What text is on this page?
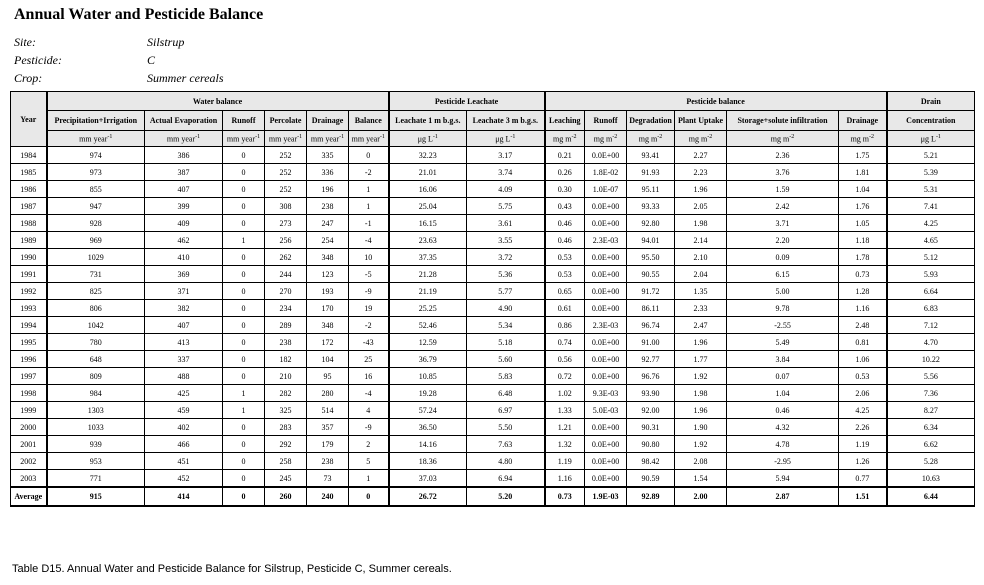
Annual Water and Pesticide Balance
Site:	Silstrup
Pesticide:	C
Crop:	Summer cereals
Year	Water balance						Pesticide Leachate		Pesticide balance						Drain
	Precipitation+Irrigation	Actual Evaporation	Runoff	Percolate	Drainage	Balance	Leachate 1 m b.g.s.	Leachate 3 m b.g.s.	Leaching	Runoff	Degradation	Plant Uptake	Storage+solute infiltration	Drainage	Concentration
	mm year$^{-1}$	mm year$^{-1}$	mm year$^{-1}$	mm year$^{-1}$	mm year$^{-1}$	mm year$^{-1}$	μg $L^{-1}$	μg $L^{-1}$	mg $m^{-2}$	mg $m^{-2}$	mg $m^{-2}$	mg $m^{-2}$	mg $m^{-2}$	mg $m^{-2}$	μg $L^{-1}$
1984	974	386	0	252	335	0	32.23	3.17	0.21	0.0E+00	93.41	2.27	2.36	1.75	5.21
1985	973	387	0	252	336	-2	21.01	3.74	0.26	1.8E-02	91.93	2.23	3.76	1.81	5.39
1986	855	407	0	252	196	1	16.06	4.09	0.30	1.0E-07	95.11	1.96	1.59	1.04	5.31
1987	947	399	0	308	238	1	25.04	5.75	0.43	0.0E+00	93.33	2.05	2.42	1.76	7.41
1988	928	409	0	273	247	-1	16.15	3.61	0.46	0.0E+00	92.80	1.98	3.71	1.05	4.25
1989	969	462	1	256	254	-4	23.63	3.55	0.46	2.3E-03	94.01	2.14	2.20	1.18	4.65
1990	1029	410	0	262	348	10	37.35	3.72	0.53	0.0E+00	95.50	2.10	0.09	1.78	5.12
1991	731	369	0	244	123	-5	21.28	5.36	0.53	0.0E+00	90.55	2.04	6.15	0.73	5.93
1992	825	371	0	270	193	-9	21.19	5.77	0.65	0.0E+00	91.72	1.35	5.00	1.28	6.64
1993	806	382	0	234	170	19	25.25	4.90	0.61	0.0E+00	86.11	2.33	9.78	1.16	6.83
1994	1042	407	0	289	348	-2	52.46	5.34	0.86	2.3E-03	96.74	2.47	-2.55	2.48	7.12
1995	780	413	0	238	172	-43	12.59	5.18	0.74	0.0E+00	91.00	1.96	5.49	0.81	4.70
1996	648	337	0	182	104	25	36.79	5.60	0.56	0.0E+00	92.77	1.77	3.84	1.06	10.22
1997	809	488	0	210	95	16	10.85	5.83	0.72	0.0E+00	96.76	1.92	0.07	0.53	5.56
1998	984	425	1	282	280	-4	19.28	6.48	1.02	9.3E-03	93.90	1.98	1.04	2.06	7.36
1999	1303	459	1	325	514	4	57.24	6.97	1.33	5.0E-03	92.00	1.96	0.46	4.25	8.27
2000	1033	402	0	283	357	-9	36.50	5.50	1.21	0.0E+00	90.31	1.90	4.32	2.26	6.34
2001	939	466	0	292	179	2	14.16	7.63	1.32	0.0E+00	90.80	1.92	4.78	1.19	6.62
2002	953	451	0	258	238	5	18.36	4.80	1.19	0.0E+00	98.42	2.08	-2.95	1.26	5.28
2003	771	452	0	245	73	1	37.03	6.94	1.16	0.0E+00	90.59	1.54	5.94	0.77	10.63
Average	915	414	0	260	240	0	26.72	5.20	0.73	1.9E-03	92.89	2.00	2.87	1.51	6.44
Table D15. Annual Water and Pesticide Balance for Silstrup, Pesticide C, Summer cereals.
